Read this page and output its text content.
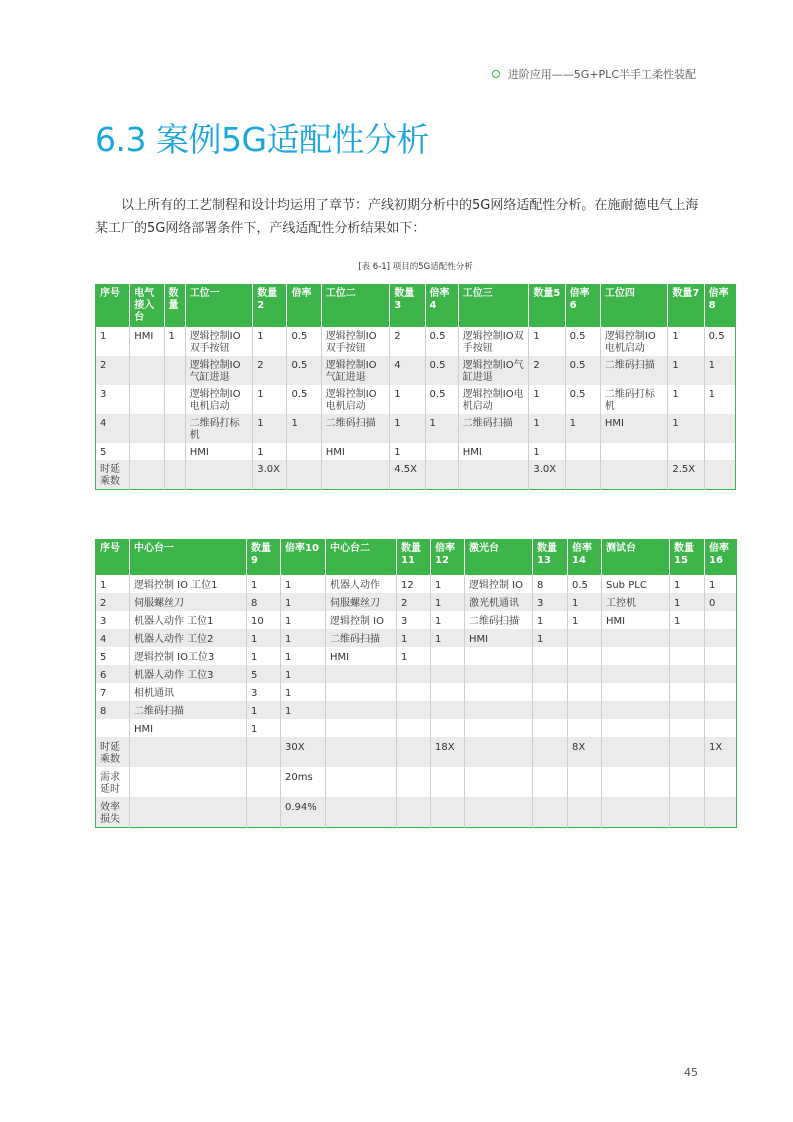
进阶应用——5G+PLC半手工柔性装配
6.3 案例5G适配性分析

以上所有的工艺制程和设计均运用了章节：产线初期分析中的5G网络适配性分析。在施耐德电气上海某工厂的5G网络部署条件下，产线适配性分析结果如下：

[表 6-1] 项目的5G适配性分析
序号	电气接入台	数量	工位一	数量2	倍率	工位二	数量3	倍率4	工位三	数量5	倍率6	工位四	数量7	倍率8
1	HMI	1	逻辑控制IO双手按钮	1	0.5	逻辑控制IO双手按钮	2	0.5	逻辑控制IO双手按钮	1	0.5	逻辑控制IO电机启动	1	0.5
2			逻辑控制IO气缸进退	2	0.5	逻辑控制IO气缸进退	4	0.5	逻辑控制IO气缸进退	2	0.5	二维码扫描	1	1
3			逻辑控制IO电机启动	1	0.5	逻辑控制IO电机启动	1	0.5	逻辑控制IO电机启动	1	0.5	二维码打标机	1	1
4			二维码打标机	1	1	二维码扫描	1	1	二维码扫描	1	1	HMI	1	
5			HMI	1		HMI	1		HMI	1				
时延乘数				3.0X			4.5X			3.0X			2.5X	
序号	中心台一	数量9	倍率10	中心台二	数量11	倍率12	激光台	数量13	倍率14	测试台	数量15	倍率16
1	逻辑控制 IO 工位1	1	1	机器人动作	12	1	逻辑控制 IO	8	0.5	Sub PLC	1	1
2	伺服螺丝刀	8	1	伺服螺丝刀	2	1	激光机通讯	3	1	工控机	1	0
3	机器人动作 工位1	10	1	逻辑控制 IO	3	1	二维码扫描	1	1	HMI	1	
4	机器人动作 工位2	1	1	二维码扫描	1	1	HMI	1				
5	逻辑控制 IO工位3	1	1	HMI	1							
6	机器人动作 工位3	5	1									
7	相机通讯	3	1									
8	二维码扫描	1	1									
	HMI	1										
时延乘数			30X			18X			8X			1X
需求延时			20ms									
效率损失			0.94%									
45
